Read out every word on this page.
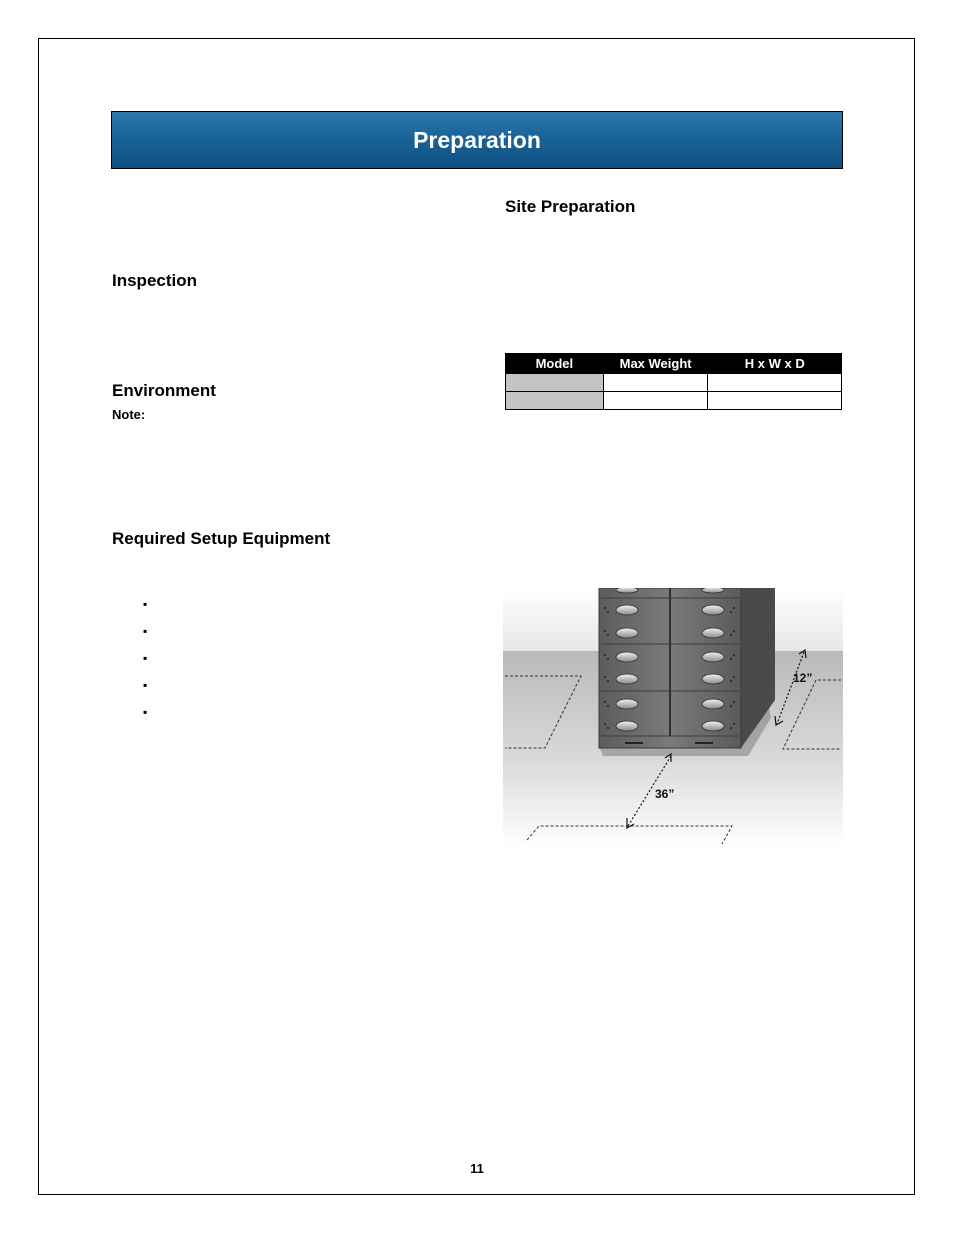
Preparation
Site Preparation
Inspection
Environment
Note:
Required Setup Equipment
▪
▪
▪
▪
▪
Model	Max Weight	H x W x D

36”
12”
11
